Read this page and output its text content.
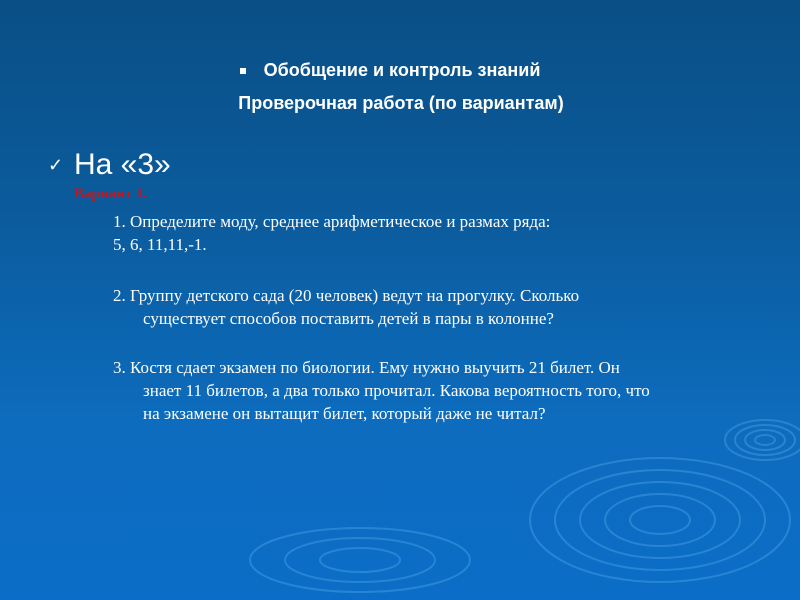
Обобщение и контроль знаний
Проверочная работа (по вариантам)
✓ На «3»
Вариант 1.
1. Определите моду, среднее арифметическое и размах ряда:
5, 6, 11,11,-1.
2. Группу детского сада (20 человек) ведут на прогулку. Сколько
существует способов поставить детей в пары в колонне?
3. Костя сдает экзамен по биологии. Ему нужно выучить 21 билет. Он
знает 11 билетов, а два только прочитал. Какова вероятность того, что
на экзамене он вытащит билет, который даже не читал?
